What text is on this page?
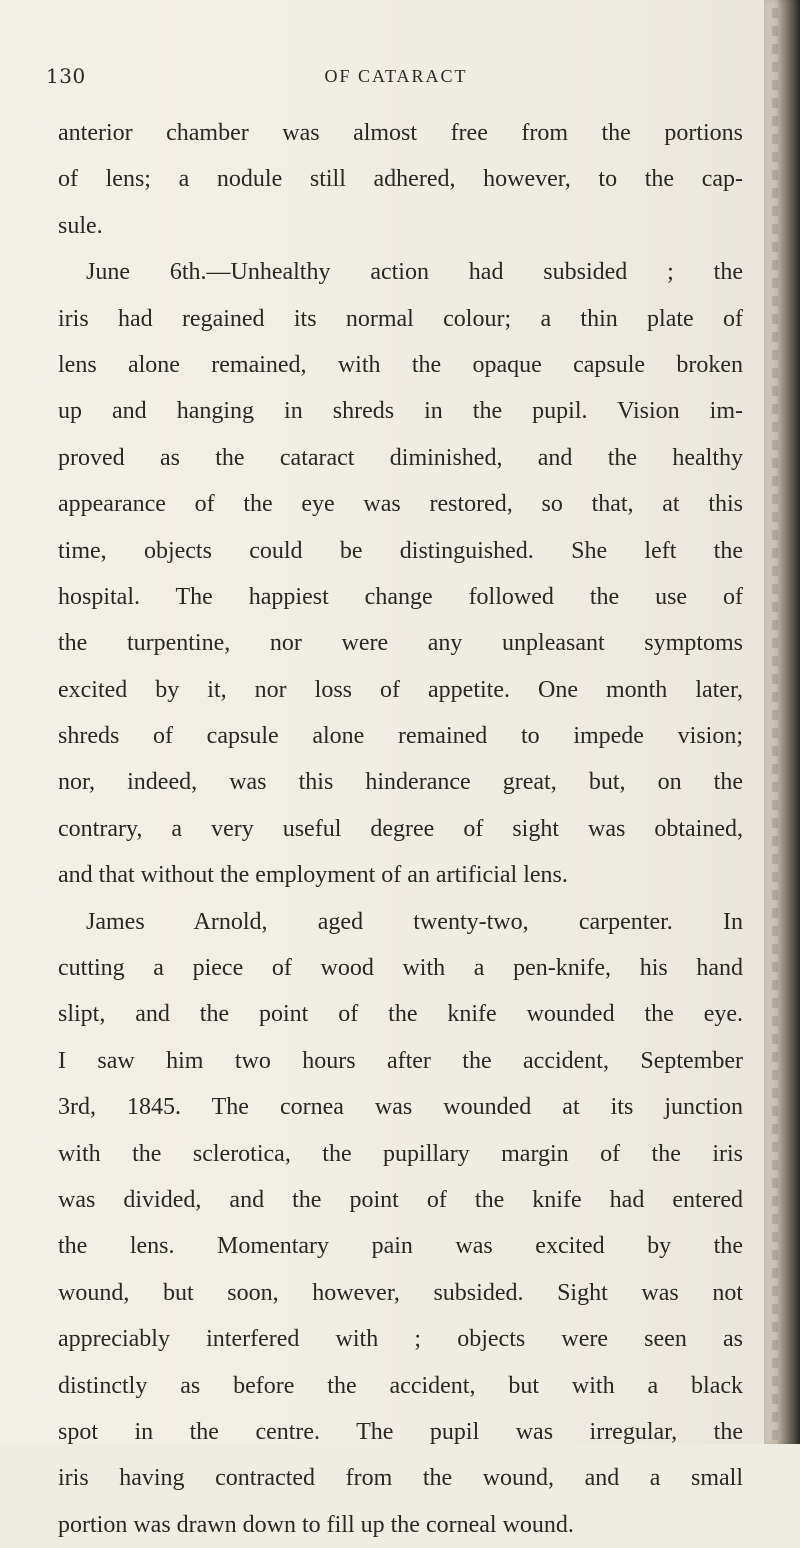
130	OF CATARACT
anterior chamber was almost free from the portions
of lens; a nodule still adhered, however, to the cap-
sule.
June 6th.—Unhealthy action had subsided ; the
iris had regained its normal colour; a thin plate of
lens alone remained, with the opaque capsule broken
up and hanging in shreds in the pupil. Vision im-
proved as the cataract diminished, and the healthy
appearance of the eye was restored, so that, at this
time, objects could be distinguished. She left the
hospital. The happiest change followed the use of
the turpentine, nor were any unpleasant symptoms
excited by it, nor loss of appetite. One month later,
shreds of capsule alone remained to impede vision;
nor, indeed, was this hinderance great, but, on the
contrary, a very useful degree of sight was obtained,
and that without the employment of an artificial lens.
James Arnold, aged twenty-two, carpenter. In
cutting a piece of wood with a pen-knife, his hand
slipt, and the point of the knife wounded the eye.
I saw him two hours after the accident, September
3rd, 1845. The cornea was wounded at its junction
with the sclerotica, the pupillary margin of the iris
was divided, and the point of the knife had entered
the lens. Momentary pain was excited by the
wound, but soon, however, subsided. Sight was not
appreciably interfered with ; objects were seen as
distinctly as before the accident, but with a black
spot in the centre. The pupil was irregular, the
iris having contracted from the wound, and a small
portion was drawn down to fill up the corneal wound.
